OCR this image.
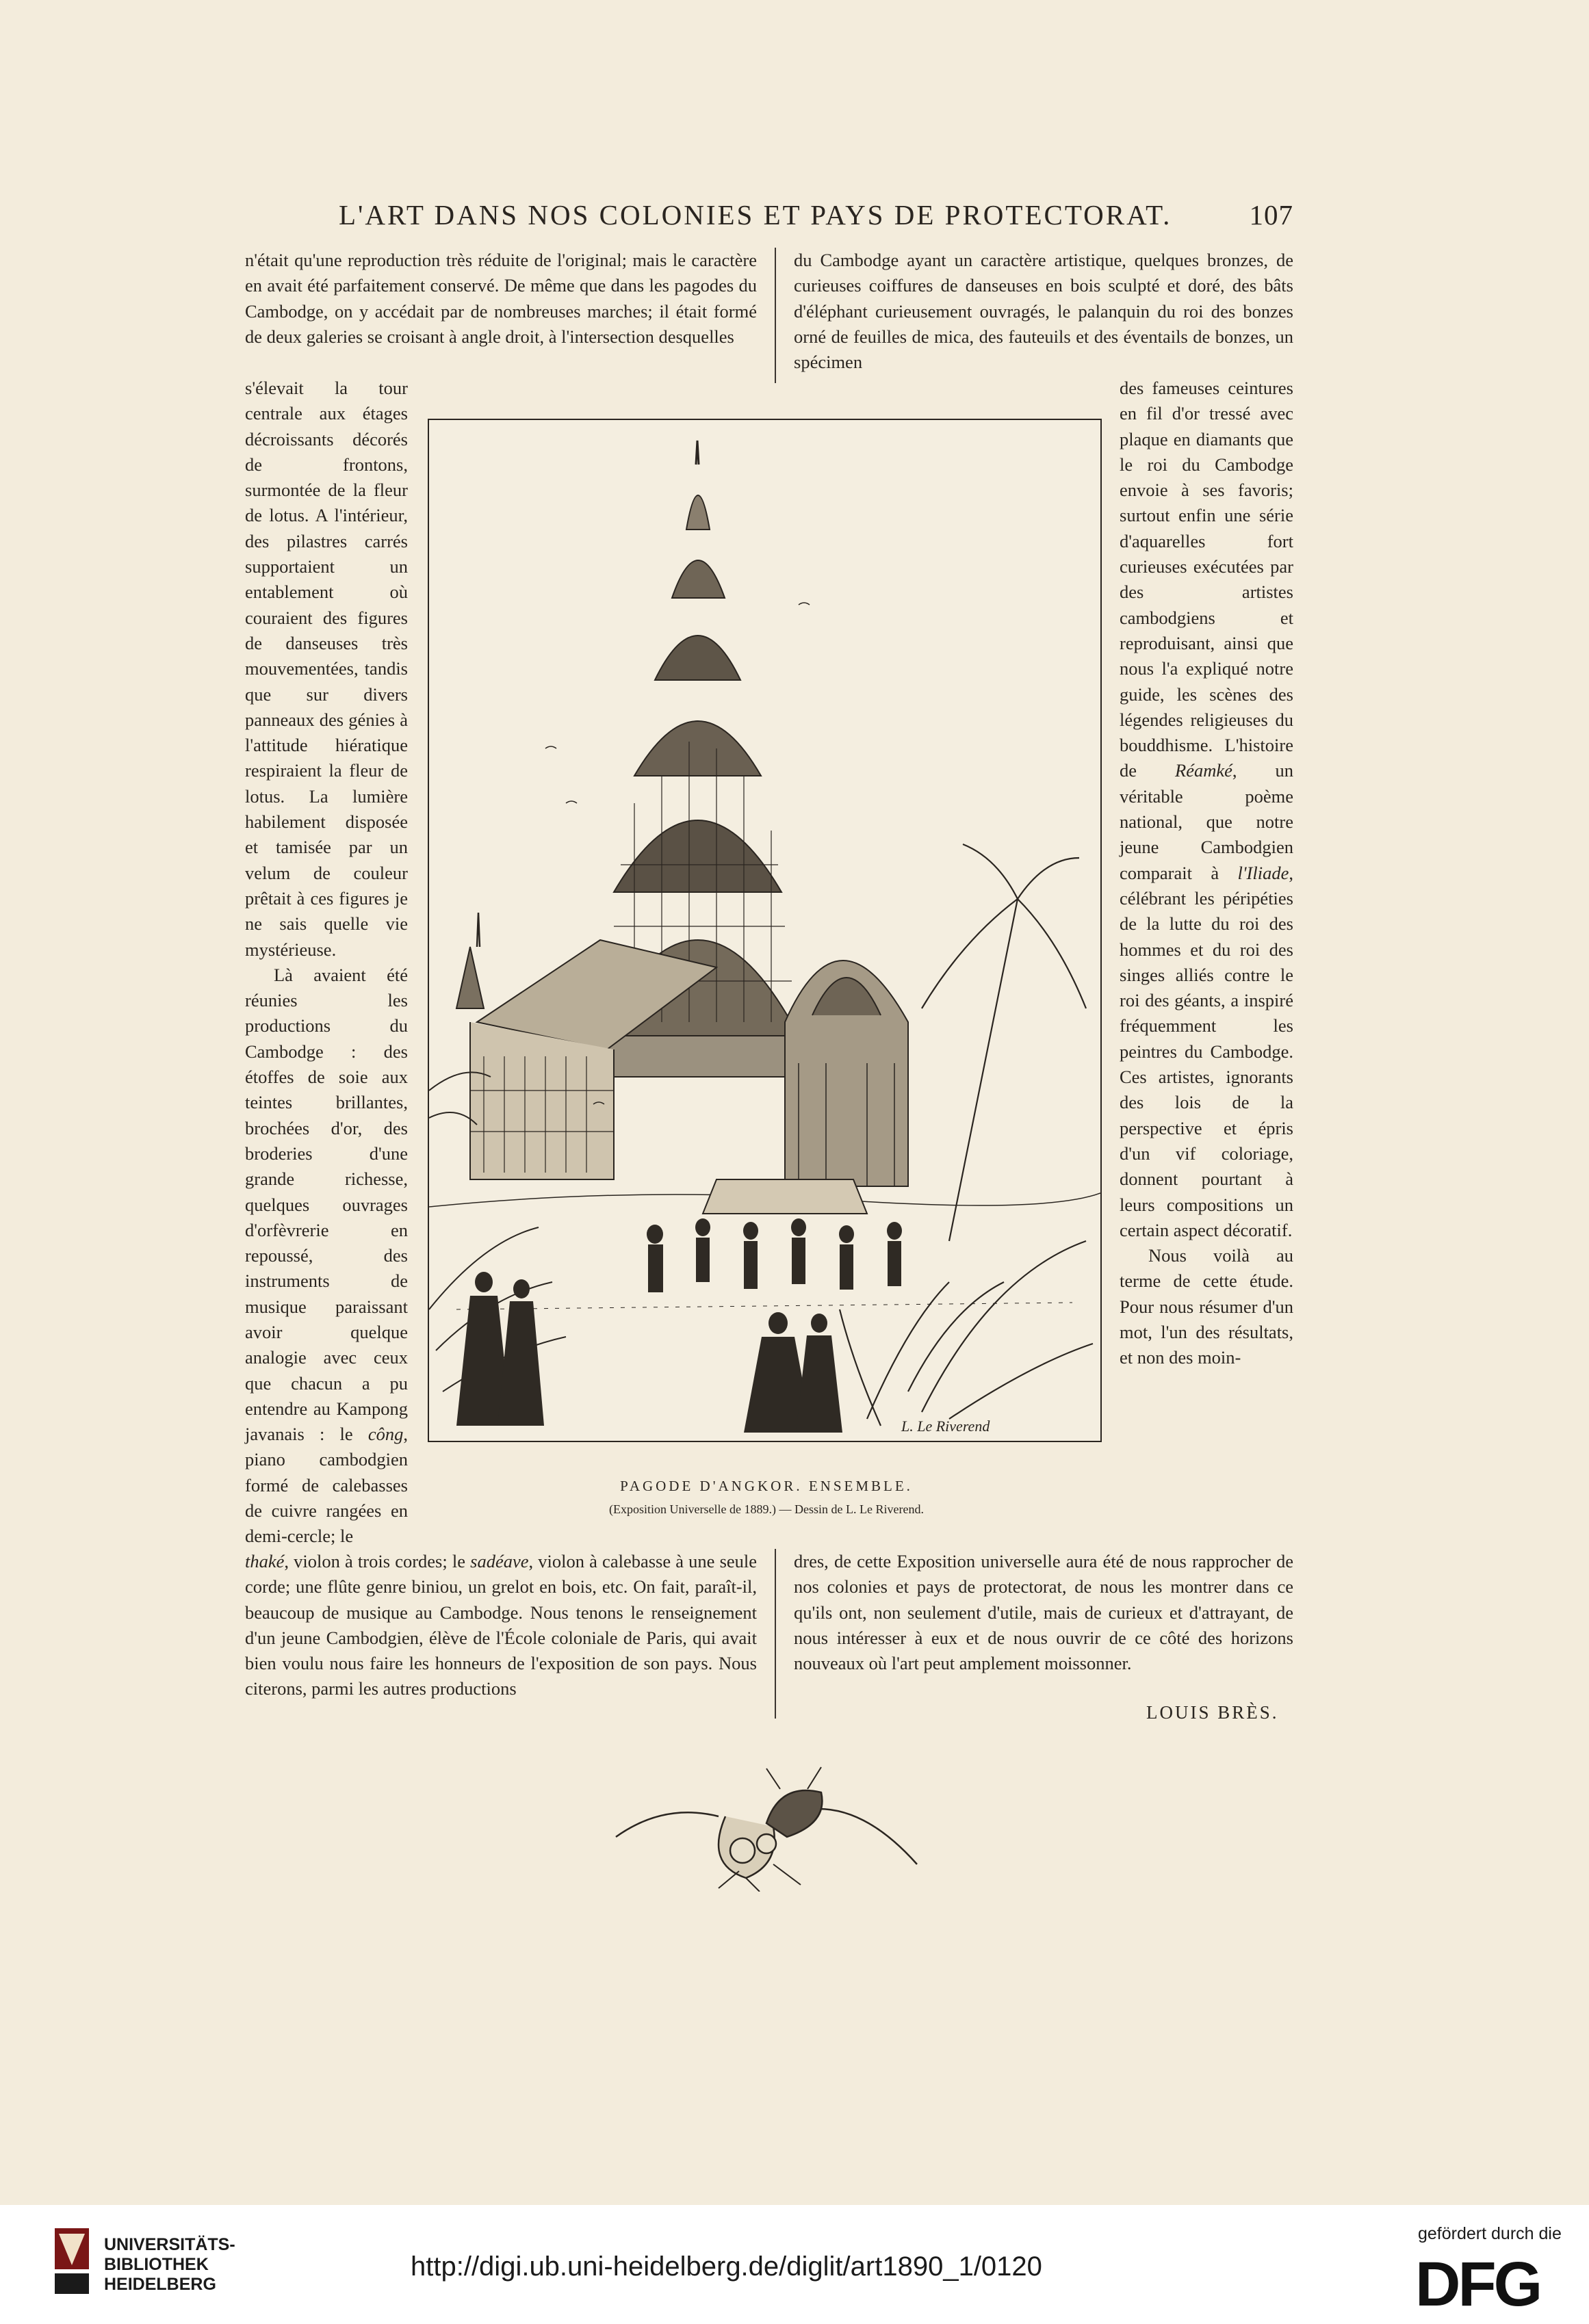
L'ART DANS NOS COLONIES ET PAYS DE PROTECTORAT.	107

n'était qu'une reproduction très réduite de l'original; mais le caractère en avait été parfaitement conservé. De même que dans les pagodes du Cambodge, on y accédait par de nombreuses marches; il était formé de deux galeries se croisant à angle droit, à l'intersection desquelles

du Cambodge ayant un caractère artistique, quelques bronzes, de curieuses coiffures de danseuses en bois sculpté et doré, des bâts d'éléphant curieusement ouvragés, le palanquin du roi des bonzes orné de feuilles de mica, des fauteuils et des éventails de bonzes, un spécimen

s'élevait la tour centrale aux étages décroissants décorés de frontons, surmontée de la fleur de lotus. A l'intérieur, des pilastres carrés supportaient un entablement où couraient des figures de danseuses très mouvementées, tandis que sur divers panneaux des génies à l'attitude hiératique respiraient la fleur de lotus. La lumière habilement disposée et tamisée par un velum de couleur prêtait à ces figures je ne sais quelle vie mystérieuse.

Là avaient été réunies les productions du Cambodge : des étoffes de soie aux teintes brillantes, brochées d'or, des broderies d'une grande richesse, quelques ouvrages d'orfèvrerie en repoussé, des instruments de musique paraissant avoir quelque analogie avec ceux que chacun a pu entendre au Kampong javanais : le công, piano cambodgien formé de calebasses de cuivre rangées en demi-cercle; le

des fameuses ceintures en fil d'or tressé avec plaque en diamants que le roi du Cambodge envoie à ses favoris; surtout enfin une série d'aquarelles fort curieuses exécutées par des artistes cambodgiens et reproduisant, ainsi que nous l'a expliqué notre guide, les scènes des légendes religieuses du bouddhisme. L'histoire de Réamké, un véritable poème national, que notre jeune Cambodgien comparait à l'Iliade, célébrant les péripéties de la lutte du roi des hommes et du roi des singes alliés contre le roi des géants, a inspiré fréquemment les peintres du Cambodge. Ces artistes, ignorants des lois de la perspective et épris d'un vif coloriage, donnent pourtant à leurs compositions un certain aspect décoratif.

Nous voilà au terme de cette étude. Pour nous résumer d'un mot, l'un des résultats, et non des moin-

L. Le Riverend
PAGODE D'ANGKOR. ENSEMBLE.
(Exposition Universelle de 1889.) — Dessin de L. Le Riverend.

thaké, violon à trois cordes; le sadéave, violon à calebasse à une seule corde; une flûte genre biniou, un grelot en bois, etc. On fait, paraît-il, beaucoup de musique au Cambodge. Nous tenons le renseignement d'un jeune Cambodgien, élève de l'École coloniale de Paris, qui avait bien voulu nous faire les honneurs de l'exposition de son pays. Nous citerons, parmi les autres productions

dres, de cette Exposition universelle aura été de nous rapprocher de nos colonies et pays de protectorat, de nous les montrer dans ce qu'ils ont, non seulement d'utile, mais de curieux et d'attrayant, de nous intéresser à eux et de nous ouvrir de ce côté des horizons nouveaux où l'art peut amplement moissonner.

LOUIS BRÈS.
UNIVERSITÄTS-
BIBLIOTHEK
HEIDELBERG
http://digi.ub.uni-heidelberg.de/diglit/art1890_1/0120
gefördert durch die
DFG
